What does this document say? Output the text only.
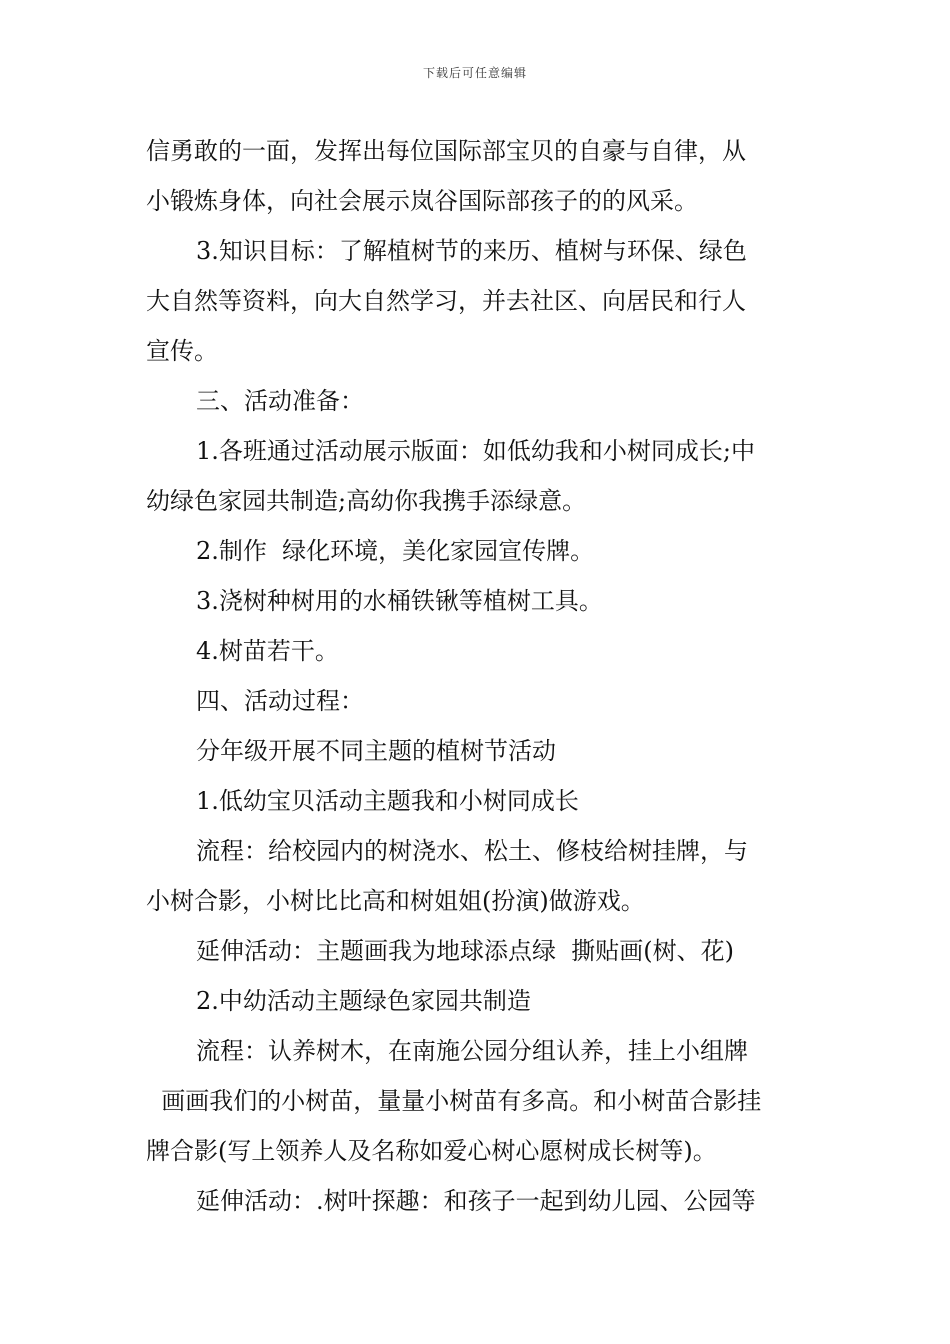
下载后可任意编辑

信勇敢的一面，发挥出每位国际部宝贝的自豪与自律，从

小锻炼身体，向社会展示岚谷国际部孩子的的风采。

3.知识目标：了解植树节的来历、植树与环保、绿色

大自然等资料，向大自然学习，并去社区、向居民和行人

宣传。

三、活动准备：

1.各班通过活动展示版面：如低幼我和小树同成长;中

幼绿色家园共制造;高幼你我携手添绿意。

2.制作  绿化环境，美化家园宣传牌。

3.浇树种树用的水桶铁锹等植树工具。

4.树苗若干。

四、活动过程：

分年级开展不同主题的植树节活动

1.低幼宝贝活动主题我和小树同成长

流程：给校园内的树浇水、松土、修枝给树挂牌，与

小树合影，小树比比高和树姐姐(扮演)做游戏。

延伸活动：主题画我为地球添点绿  撕贴画(树、花)

2.中幼活动主题绿色家园共制造

流程：认养树木，在南施公园分组认养，挂上小组牌

画画我们的小树苗，量量小树苗有多高。和小树苗合影挂

牌合影(写上领养人及名称如爱心树心愿树成长树等)。

延伸活动：.树叶探趣：和孩子一起到幼儿园、公园等
